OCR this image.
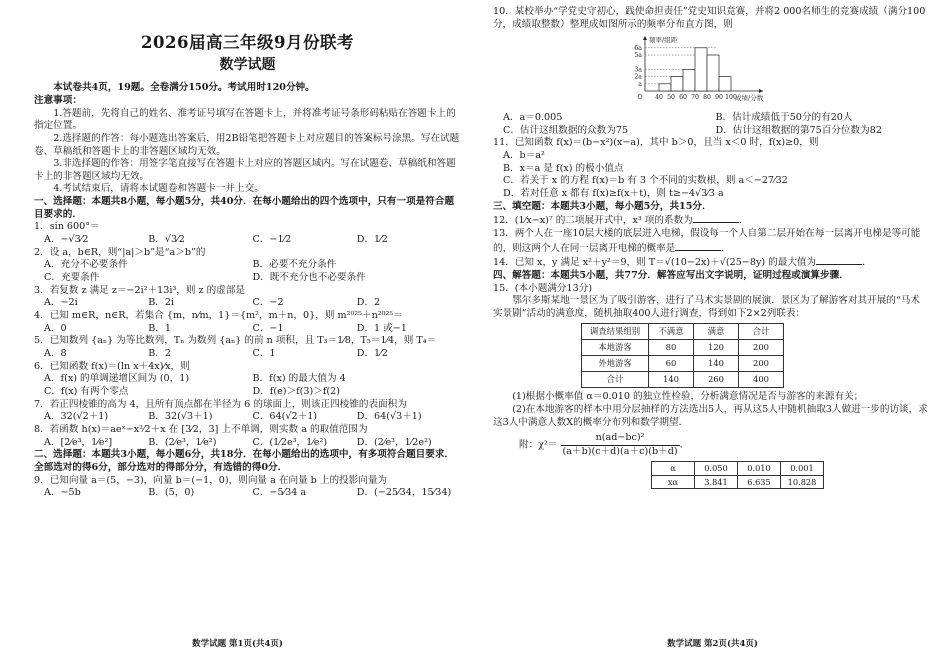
2026届高三年级9月份联考
数学试题

本试卷共4页，19题。全卷满分150分。考试用时120分钟。

注意事项：

1.答题前，先将自己的姓名、准考证号填写在答题卡上，并将准考证号条形码粘贴在答题卡上的指定位置。

2.选择题的作答：每小题选出答案后，用2B铅笔把答题卡上对应题目的答案标号涂黑。写在试题卷、草稿纸和答题卡上的非答题区域均无效。

3.非选择题的作答：用签字笔直接写在答题卡上对应的答题区域内。写在试题卷、草稿纸和答题卡上的非答题区域均无效。

4.考试结束后，请将本试题卷和答题卡一并上交。

一、选择题：本题共8小题，每小题5分，共40分．在每小题给出的四个选项中，只有一项是符合题目要求的．

1．sin 600°＝

A．−√3⁄2	B．√3⁄2	C．−1⁄2	D．1⁄2

2．设 a，b∈R，则“|a|＞b”是“a＞b”的

A．充分不必要条件	B．必要不充分条件
C．充要条件	D．既不充分也不必要条件

3．若复数 z 满足 z＝−2i²＋13i³，则 z 的虚部是

A．−2i	B．2i	C．−2	D．2

4．已知 m∈R，n∈R，若集合 {m，n⁄m，1}＝{m²，m＋n，0}，则 m²⁰²⁵＋n²⁰²⁵＝

A．0	B．1	C．−1	D．1 或−1

5．已知数列 {aₙ} 为等比数列，Tₙ 为数列 {aₙ} 的前 n 项积，且 T₃＝1⁄8，T₅＝1⁄4，则 T₄＝

A．8	B．2	C．1	D．1⁄2

6．已知函数 f(x)＝(ln x＋4x)⁄x，则

A．f(x) 的单调递增区间为 (0，1)	B．f(x) 的最大值为 4
C．f(x) 有两个零点	D．f(e)＞f(3)＞f(2)

7．若正四棱锥的高为 4，且所有顶点都在半径为 6 的球面上，则该正四棱锥的表面积为

A．32(√2＋1)	B．32(√3＋1)	C．64(√2＋1)	D．64(√3＋1)

8．若函数 h(x)＝aeˣ−x²⁄2＋x 在 [3⁄2，3] 上不单调，则实数 a 的取值范围为

A．[2⁄e³，1⁄e²]	B．(2⁄e³，1⁄e²)	C．(1⁄2e³，1⁄e²)	D．(2⁄e³，1⁄2e²)

二、选择题：本题共3小题，每小题6分，共18分．在每小题给出的选项中，有多项符合题目要求．全部选对的得6分，部分选对的得部分分，有选错的得0分．

9．已知向量 a＝(5，−3)，向量 b＝(−1，0)，则向量 a 在向量 b 上的投影向量为

A．−5b	B．(5，0)	C．−5⁄34 a	D．(−25⁄34，15⁄34)
数学试题 第1页(共4页)

10．某校举办“学党史守初心，践使命担责任”党史知识竞赛，并将2 000名师生的竞赛成绩（满分100分，成绩取整数）整理成如图所示的频率分布直方图，则

频率/组距
成绩/分数
O 40 50 60 70 80 90 100
6a
5a
3a
2a
a
A．a＝0.005	B．估计成绩低于50分的有20人
C．估计这组数据的众数为75	D．估计这组数据的第75百分位数为82

11．已知函数 f(x)＝(b−x²)(x−a)，其中 b＞0，且当 x＜0 时，f(x)≥0，则

A．b＝a²

B．x＝a 是 f(x) 的极小值点

C．若关于 x 的方程 f(x)＝b 有 3 个不同的实数根，则 a＜−27⁄32

D．若对任意 x 都有 f(x)≥f(x＋t)，则 t≥−4√3⁄3 a

三、填空题：本题共3小题，每小题5分，共15分．

12．(1⁄x−x)⁷ 的二项展开式中，x³ 项的系数为	．

13．两个人在一座10层大楼的底层进入电梯，假设每一个人自第二层开始在每一层离开电梯是等可能的，则这两个人在同一层离开电梯的概率是	．

14．已知 x，y 满足 x²＋y²＝9，则 T＝√(10−2x)＋√(25−8y) 的最大值为	．

四、解答题：本题共5小题，共77分．解答应写出文字说明，证明过程或演算步骤．

15．(本小题满分13分)

鄂尔多斯某地一景区为了吸引游客，进行了马术实景剧的展演．景区为了解游客对其开展的“马术实景剧”活动的满意度，随机抽取400人进行调查，得到如下2×2列联表：

调查结果组别	不满意	满意	合计
本地游客	80	120	200
外地游客	60	140	200
合计	140	260	400

(1)根据小概率值 α＝0.010 的独立性检验，分析满意情况是否与游客的来源有关；

(2)在本地游客的样本中用分层抽样的方法选出5人，再从这5人中随机抽取3人做进一步的访谈，求这3人中满意人数X的概率分布列和数学期望．

附：$\chi^2= \frac{\text{n(ad−bc)²}}{(a+b)(c+d)(a+c)(b+d)}$ ．
α	0.050	0.010	0.001
xα	3.841	6.635	10.828
数学试题 第2页(共4页)
